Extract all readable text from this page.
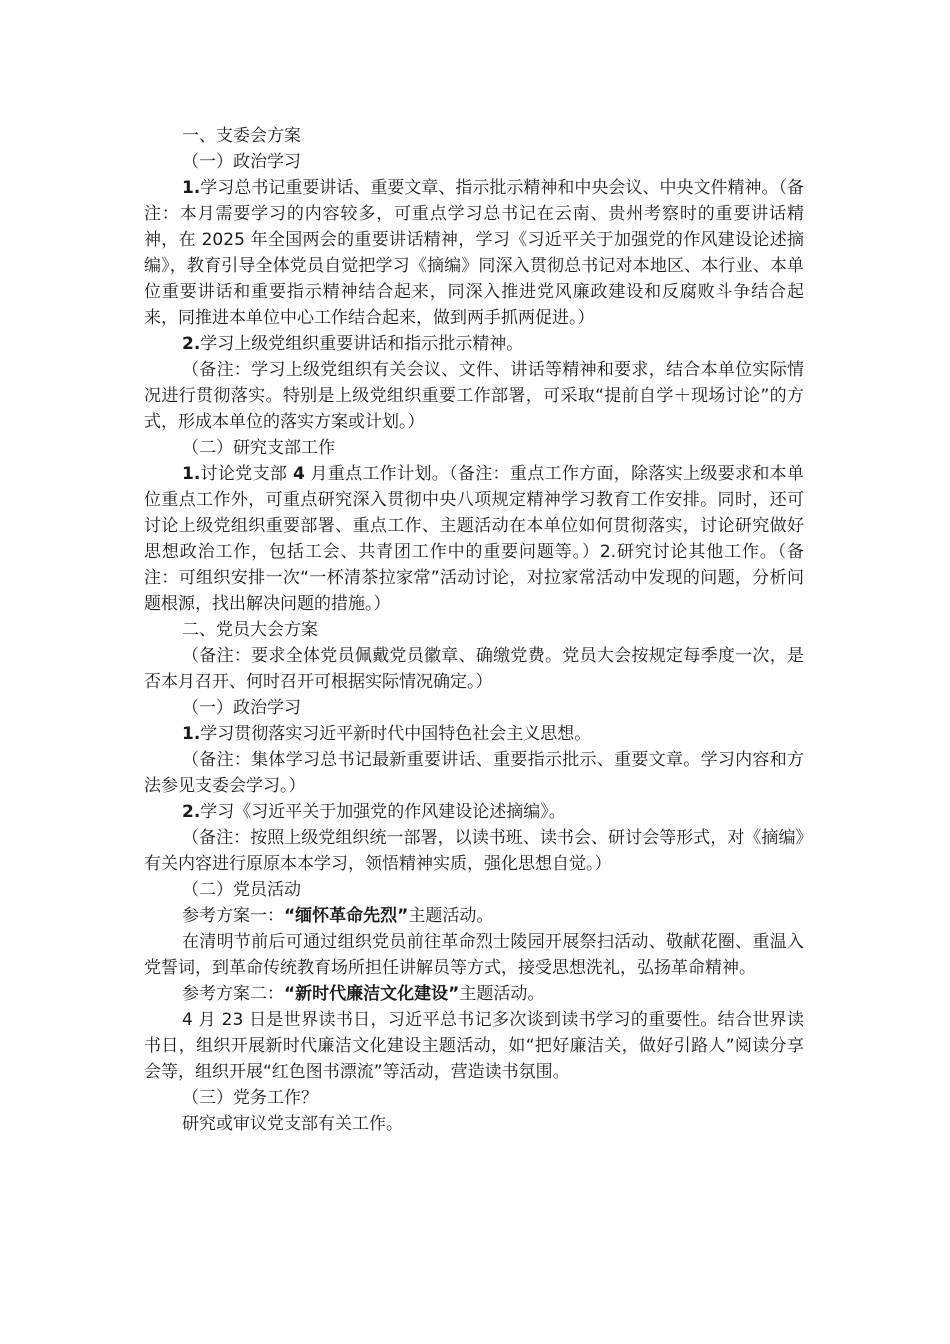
一、支委会方案

（一）政治学习

1.学习总书记重要讲话、重要文章、指示批示精神和中央会议、中央文件精神。（备注：本月需要学习的内容较多，可重点学习总书记在云南、贵州考察时的重要讲话精神，在 2025 年全国两会的重要讲话精神，学习《习近平关于加强党的作风建设论述摘编》，教育引导全体党员自觉把学习《摘编》同深入贯彻总书记对本地区、本行业、本单位重要讲话和重要指示精神结合起来，同深入推进党风廉政建设和反腐败斗争结合起来，同推进本单位中心工作结合起来，做到两手抓两促进。）

2.学习上级党组织重要讲话和指示批示精神。

（备注：学习上级党组织有关会议、文件、讲话等精神和要求，结合本单位实际情况进行贯彻落实。特别是上级党组织重要工作部署，可采取“提前自学＋现场讨论”的方式，形成本单位的落实方案或计划。）

（二）研究支部工作

1.讨论党支部 4 月重点工作计划。（备注：重点工作方面，除落实上级要求和本单位重点工作外，可重点研究深入贯彻中央八项规定精神学习教育工作安排。同时，还可讨论上级党组织重要部署、重点工作、主题活动在本单位如何贯彻落实，讨论研究做好思想政治工作，包括工会、共青团工作中的重要问题等。）2.研究讨论其他工作。（备注：可组织安排一次“一杯清茶拉家常”活动讨论，对拉家常活动中发现的问题，分析问题根源，找出解决问题的措施。）

二、党员大会方案

（备注：要求全体党员佩戴党员徽章、确缴党费。党员大会按规定每季度一次，是否本月召开、何时召开可根据实际情况确定。）

（一）政治学习

1.学习贯彻落实习近平新时代中国特色社会主义思想。

（备注：集体学习总书记最新重要讲话、重要指示批示、重要文章。学习内容和方法参见支委会学习。）

2.学习《习近平关于加强党的作风建设论述摘编》。

（备注：按照上级党组织统一部署，以读书班、读书会、研讨会等形式，对《摘编》有关内容进行原原本本学习，领悟精神实质，强化思想自觉。）

（二）党员活动

参考方案一：“缅怀革命先烈”主题活动。

在清明节前后可通过组织党员前往革命烈士陵园开展祭扫活动、敬献花圈、重温入党誓词，到革命传统教育场所担任讲解员等方式，接受思想洗礼，弘扬革命精神。

参考方案二：“新时代廉洁文化建设”主题活动。

4 月 23 日是世界读书日，习近平总书记多次谈到读书学习的重要性。结合世界读书日，组织开展新时代廉洁文化建设主题活动，如“把好廉洁关，做好引路人”阅读分享会等，组织开展“红色图书漂流”等活动，营造读书氛围。

（三）党务工作？

研究或审议党支部有关工作。
